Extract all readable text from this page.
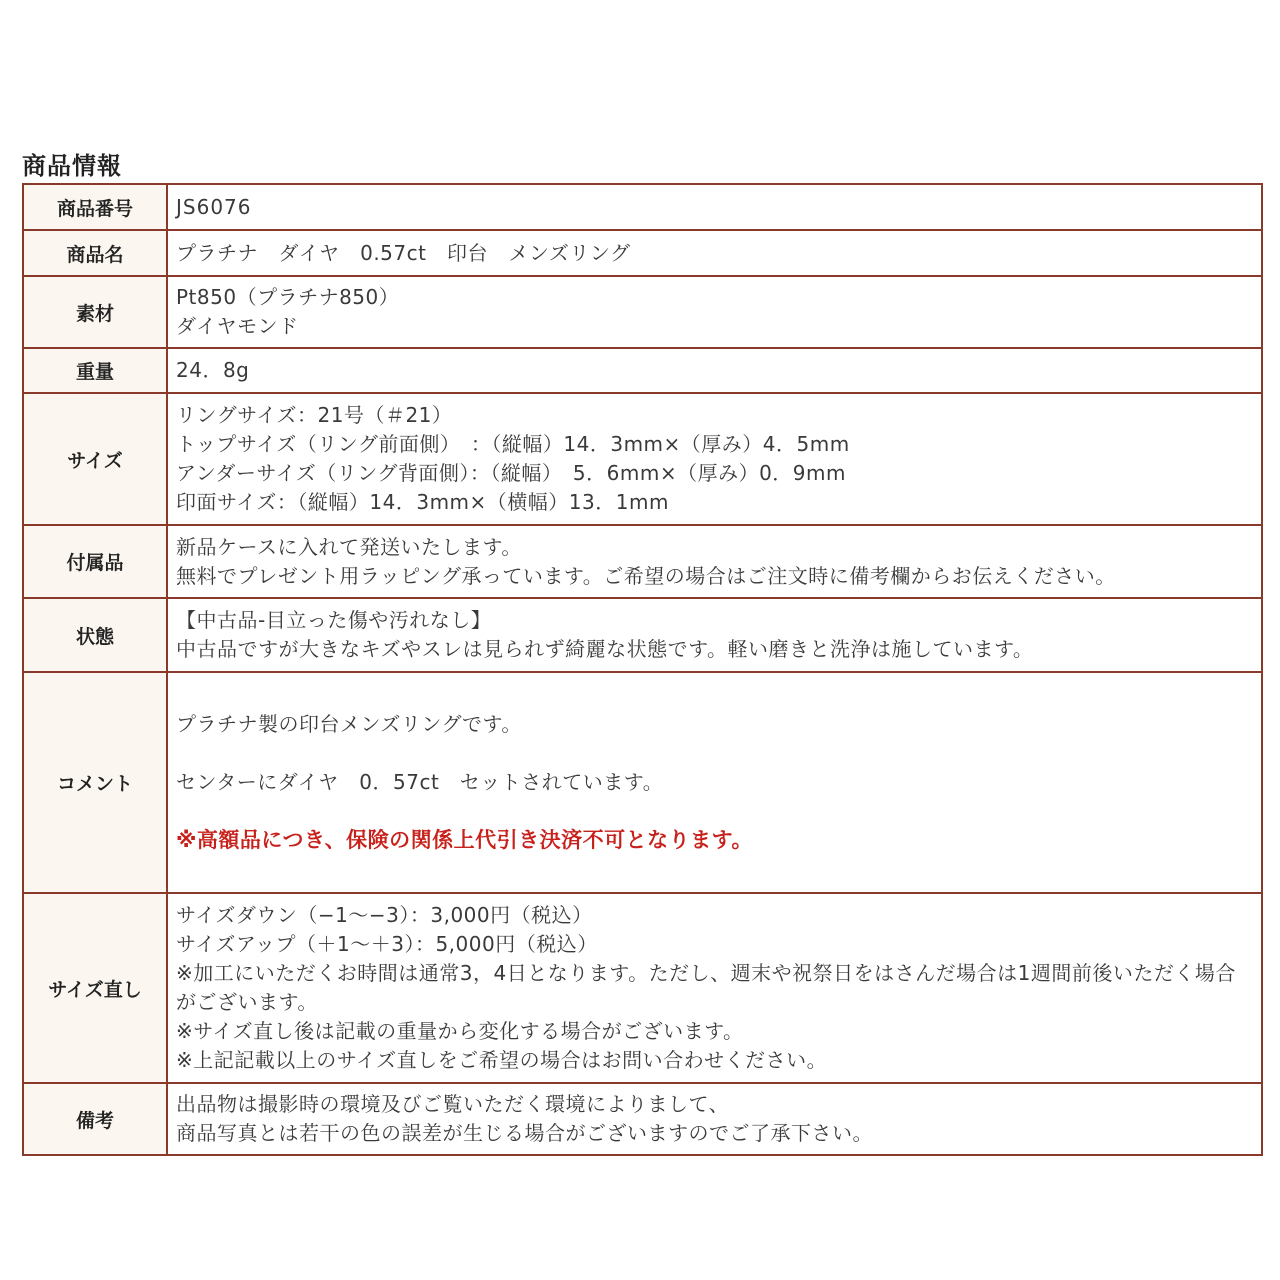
商品情報
商品番号	JS6076

商品名	プラチナ　ダイヤ　0.57ct　印台　メンズリング

素材	Pt850（プラチナ850）
ダイヤモンド

重量	24．8g

サイズ	リングサイズ：21号（＃21）
トップサイズ（リング前面側）　：（縦幅）14．3mm×（厚み）4．5mm
アンダーサイズ（リング背面側）：（縦幅）　5．6mm×（厚み）0．9mm
印面サイズ：（縦幅）14．3mm×（横幅）13．1mm

付属品	新品ケースに入れて発送いたします。
無料でプレゼント用ラッピング承っています。ご希望の場合はご注文時に備考欄からお伝えください。

状態	【中古品-目立った傷や汚れなし】
中古品ですが大きなキズやスレは見られず綺麗な状態です。軽い磨きと洗浄は施しています。

コメント	プラチナ製の印台メンズリングです。
センターにダイヤ　0．57ct　セットされています。
※高額品につき、保険の関係上代引き決済不可となります。

サイズ直し	サイズダウン（−1〜−3）：3,000円（税込）
サイズアップ（＋1〜＋3）：5,000円（税込）
※加工にいただくお時間は通常3，4日となります。ただし、週末や祝祭日をはさんだ場合は1週間前後いただく場合がございます。
※サイズ直し後は記載の重量から変化する場合がございます。
※上記記載以上のサイズ直しをご希望の場合はお問い合わせください。

備考	出品物は撮影時の環境及びご覧いただく環境によりまして、
商品写真とは若干の色の誤差が生じる場合がございますのでご了承下さい。
